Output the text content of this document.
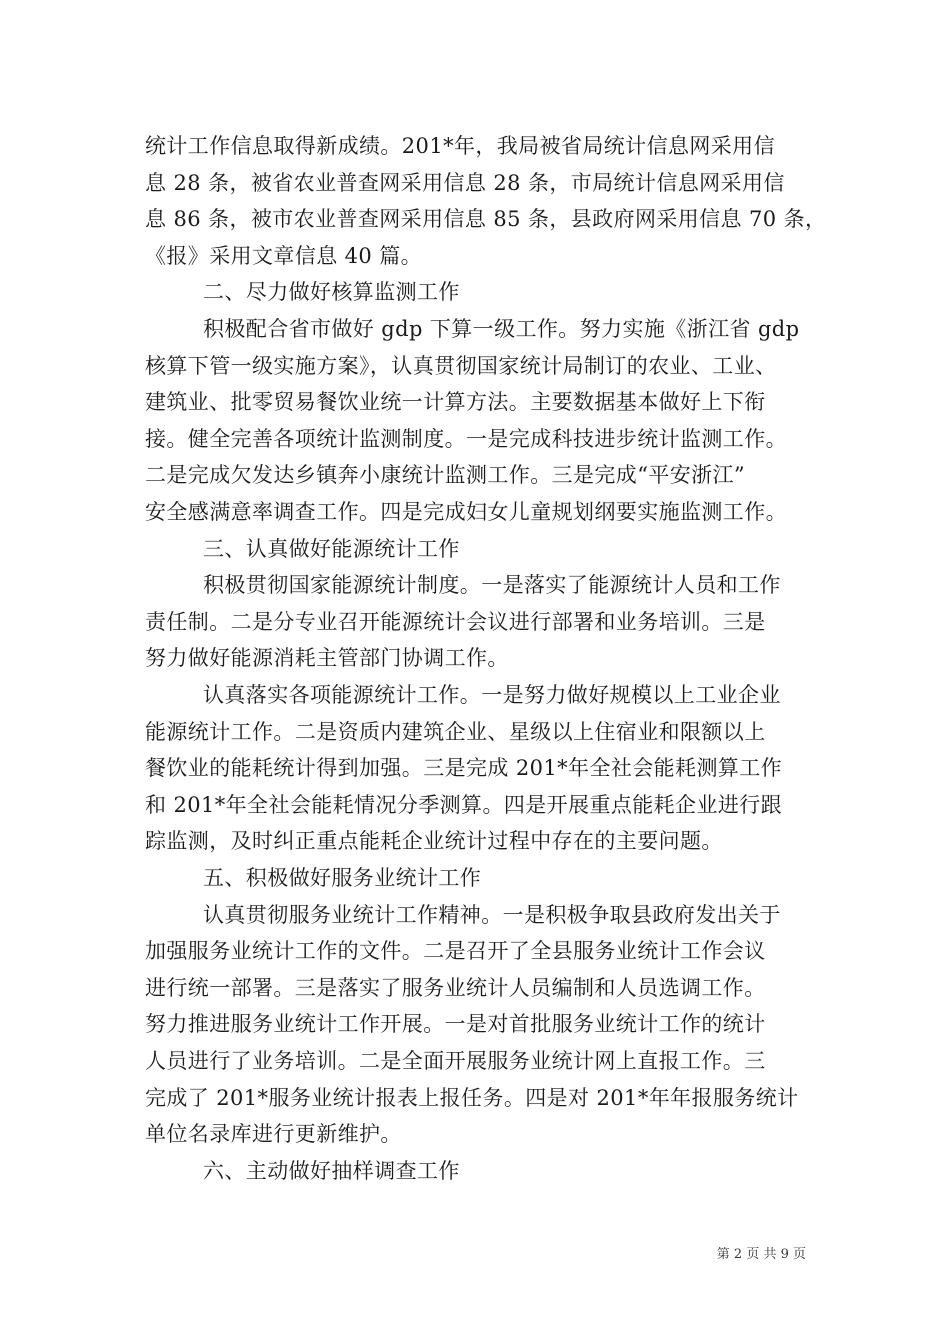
统计工作信息取得新成绩。201*年，我局被省局统计信息网采用信
息 28 条，被省农业普查网采用信息 28 条，市局统计信息网采用信
息 86 条，被市农业普查网采用信息 85 条，县政府网采用信息 70 条，
《报》采用文章信息 40 篇。
二、尽力做好核算监测工作
积极配合省市做好 gdp 下算一级工作。努力实施《浙江省 gdp
核算下管一级实施方案》，认真贯彻国家统计局制订的农业、工业、
建筑业、批零贸易餐饮业统一计算方法。主要数据基本做好上下衔
接。健全完善各项统计监测制度。一是完成科技进步统计监测工作。
二是完成欠发达乡镇奔小康统计监测工作。三是完成“平安浙江”
安全感满意率调查工作。四是完成妇女儿童规划纲要实施监测工作。
三、认真做好能源统计工作
积极贯彻国家能源统计制度。一是落实了能源统计人员和工作
责任制。二是分专业召开能源统计会议进行部署和业务培训。三是
努力做好能源消耗主管部门协调工作。
认真落实各项能源统计工作。一是努力做好规模以上工业企业
能源统计工作。二是资质内建筑企业、星级以上住宿业和限额以上
餐饮业的能耗统计得到加强。三是完成 201*年全社会能耗测算工作
和 201*年全社会能耗情况分季测算。四是开展重点能耗企业进行跟
踪监测，及时纠正重点能耗企业统计过程中存在的主要问题。
五、积极做好服务业统计工作
认真贯彻服务业统计工作精神。一是积极争取县政府发出关于
加强服务业统计工作的文件。二是召开了全县服务业统计工作会议
进行统一部署。三是落实了服务业统计人员编制和人员选调工作。
努力推进服务业统计工作开展。一是对首批服务业统计工作的统计
人员进行了业务培训。二是全面开展服务业统计网上直报工作。三
完成了 201*服务业统计报表上报任务。四是对 201*年年报服务统计
单位名录库进行更新维护。
六、主动做好抽样调查工作
第 2 页 共 9 页
